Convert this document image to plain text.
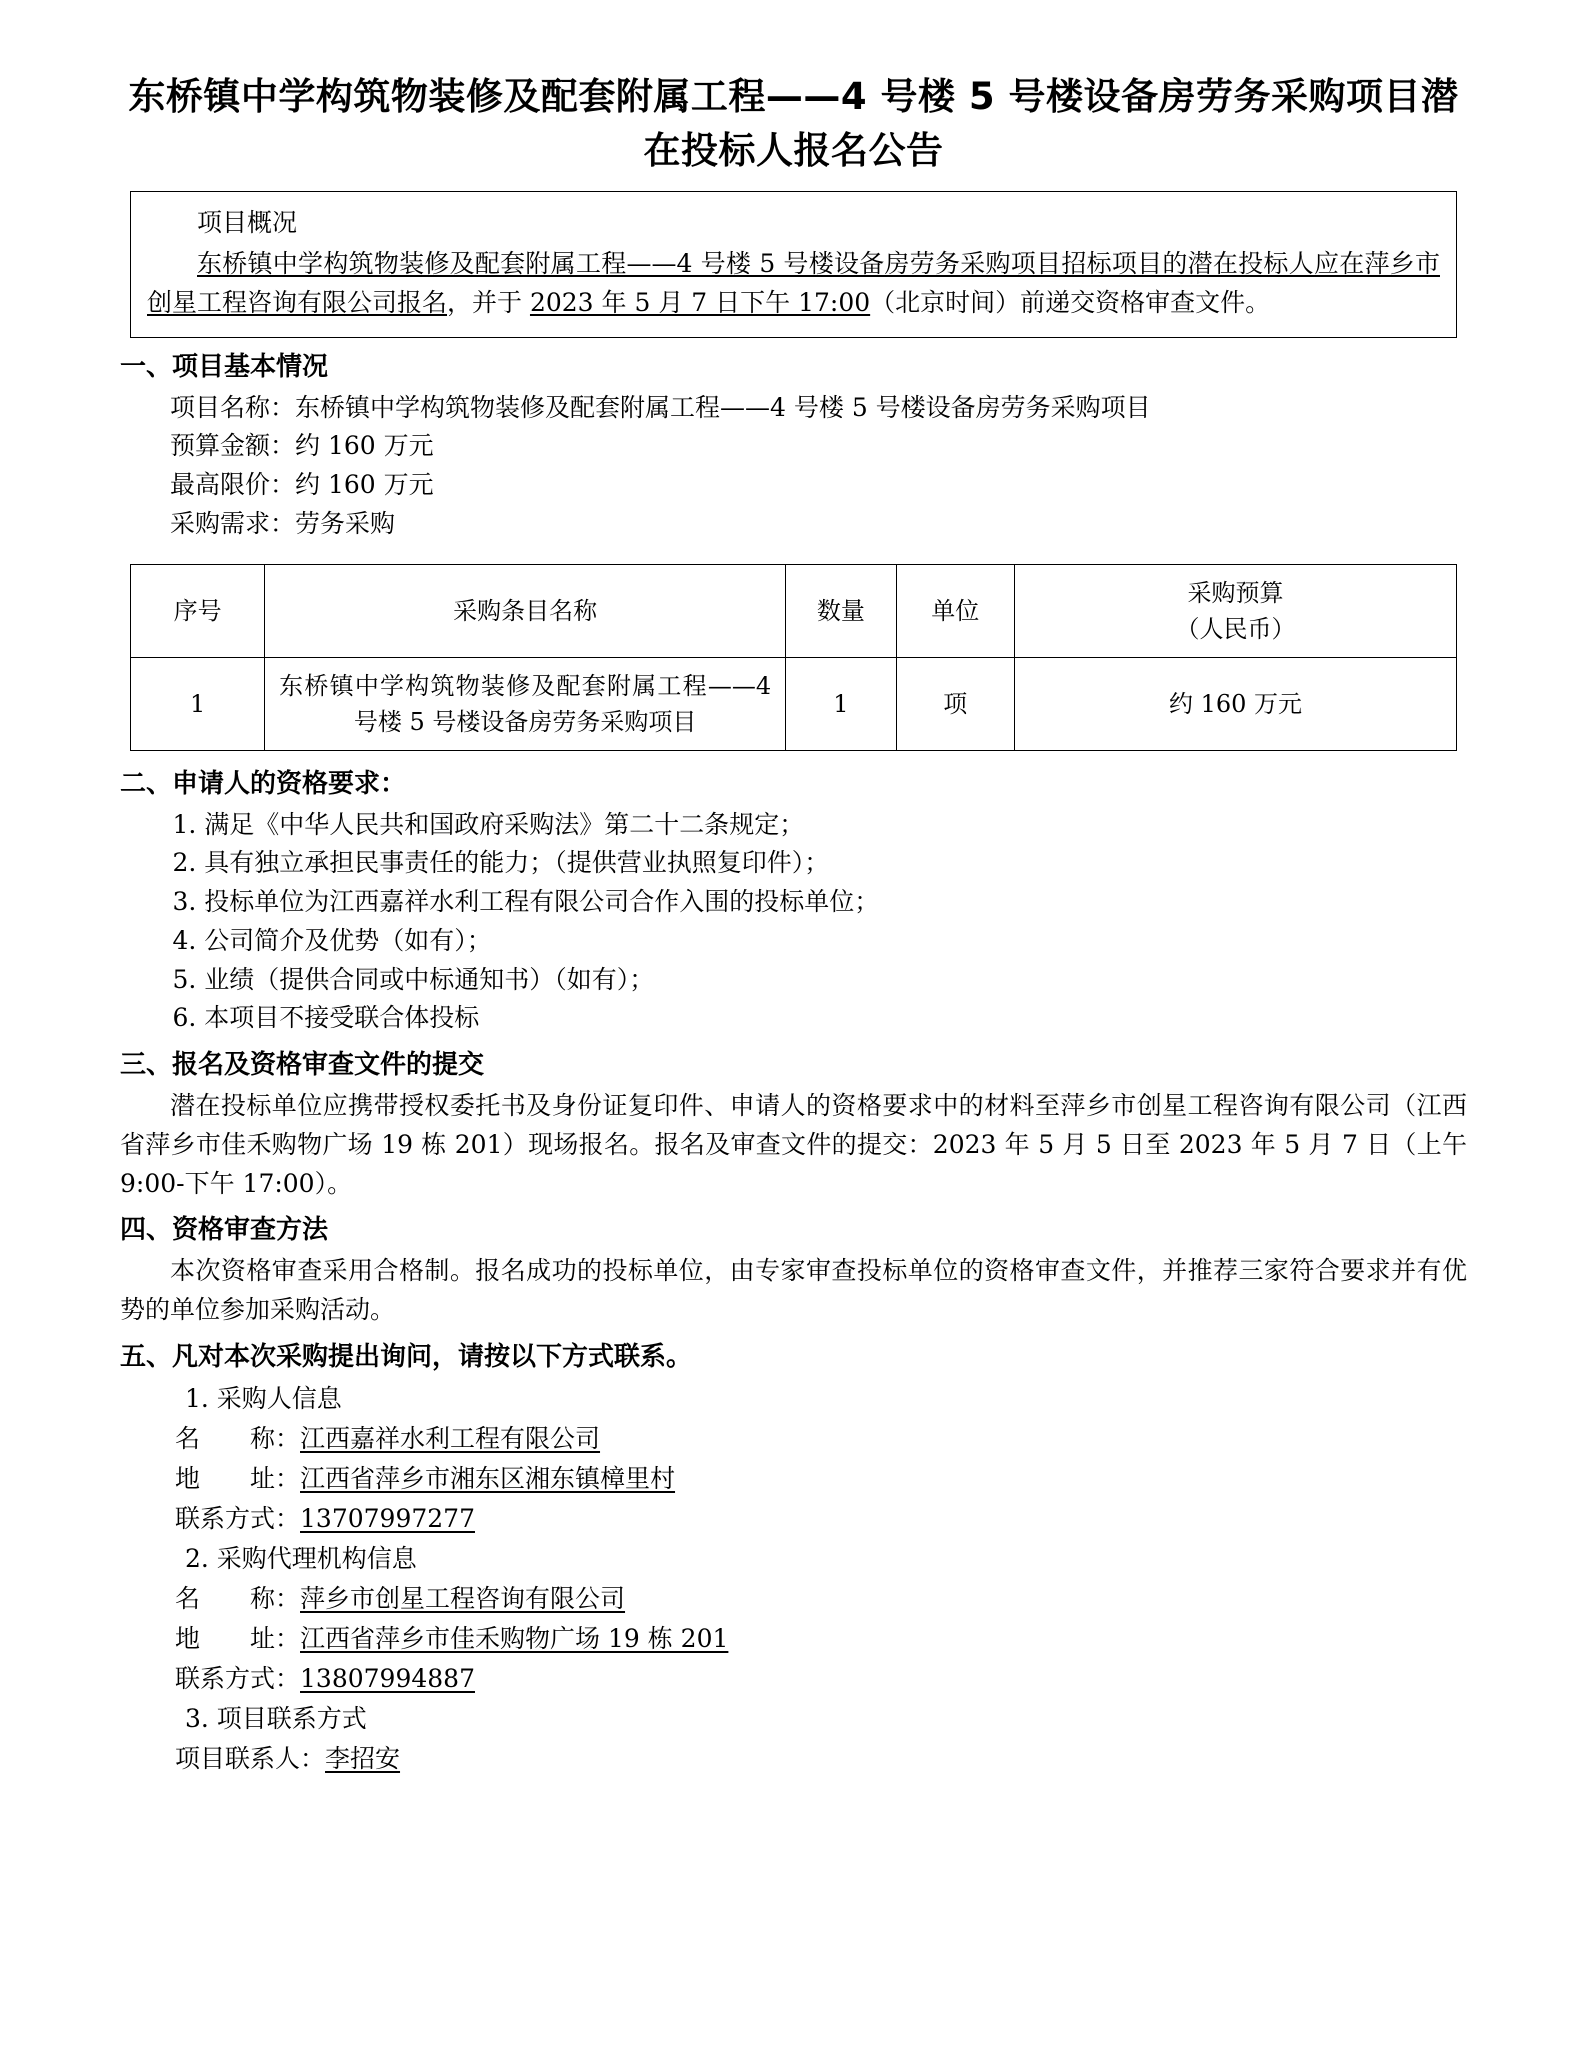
东桥镇中学构筑物装修及配套附属工程——4 号楼 5 号楼设备房劳务采购项目潜在投标人报名公告
项目概况
东桥镇中学构筑物装修及配套附属工程——4 号楼 5 号楼设备房劳务采购项目招标项目的潜在投标人应在萍乡市创星工程咨询有限公司报名，并于 2023 年 5 月 7 日下午 17:00（北京时间）前递交资格审查文件。
一、项目基本情况

项目名称：东桥镇中学构筑物装修及配套附属工程——4 号楼 5 号楼设备房劳务采购项目

预算金额：约 160 万元

最高限价：约 160 万元

采购需求：劳务采购

序号	采购条目名称	数量	单位	采购预算
（人民币）

1	东桥镇中学构筑物装修及配套附属工程——4 号楼 5 号楼设备房劳务采购项目	1	项	约 160 万元
二、申请人的资格要求：

1. 满足《中华人民共和国政府采购法》第二十二条规定；

2. 具有独立承担民事责任的能力；（提供营业执照复印件）；

3. 投标单位为江西嘉祥水利工程有限公司合作入围的投标单位；

4. 公司简介及优势（如有）；

5. 业绩（提供合同或中标通知书）（如有）；

6. 本项目不接受联合体投标

三、报名及资格审查文件的提交

潜在投标单位应携带授权委托书及身份证复印件、申请人的资格要求中的材料至萍乡市创星工程咨询有限公司（江西省萍乡市佳禾购物广场 19 栋 201）现场报名。报名及审查文件的提交：2023 年 5 月 5 日至 2023 年 5 月 7 日（上午 9:00-下午 17:00）。

四、资格审查方法

本次资格审查采用合格制。报名成功的投标单位，由专家审查投标单位的资格审查文件，并推荐三家符合要求并有优势的单位参加采购活动。

五、凡对本次采购提出询问，请按以下方式联系。

1. 采购人信息

名　　称：江西嘉祥水利工程有限公司

地　　址：江西省萍乡市湘东区湘东镇樟里村

联系方式：13707997277

2. 采购代理机构信息

名　　称：萍乡市创星工程咨询有限公司

地　　址：江西省萍乡市佳禾购物广场 19 栋 201

联系方式：13807994887

3. 项目联系方式

项目联系人：李招安
